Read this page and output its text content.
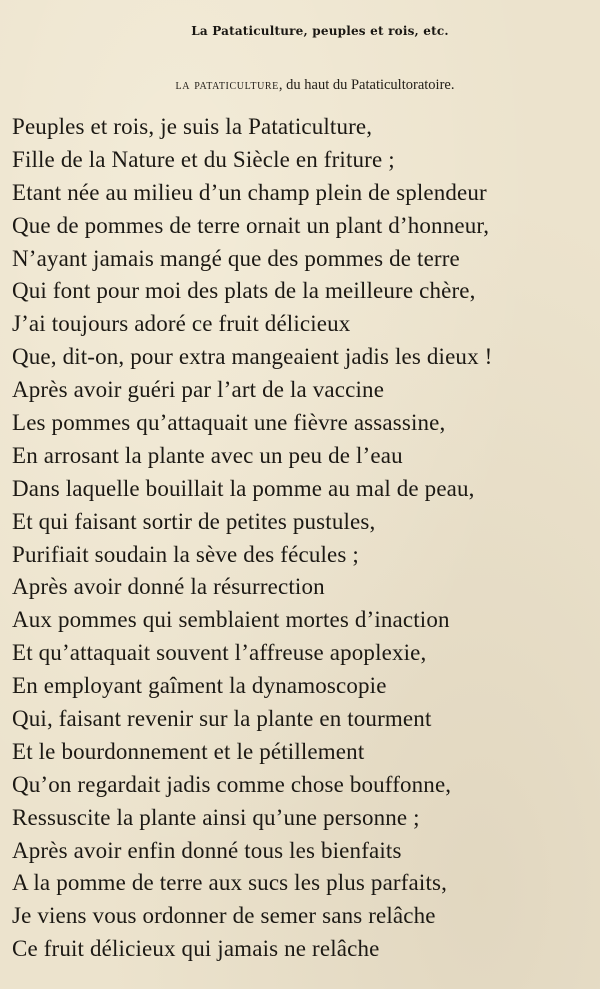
La Pataticulture, peuples et rois, etc.
la pataticulture, du haut du Pataticultoratoire.
Peuples et rois, je suis la Pataticulture,
Fille de la Nature et du Siècle en friture ;
Etant née au milieu d’un champ plein de splendeur
Que de pommes de terre ornait un plant d’honneur,
N’ayant jamais mangé que des pommes de terre
Qui font pour moi des plats de la meilleure chère,
J’ai toujours adoré ce fruit délicieux
Que, dit-on, pour extra mangeaient jadis les dieux !
Après avoir guéri par l’art de la vaccine
Les pommes qu’attaquait une fièvre assassine,
En arrosant la plante avec un peu de l’eau
Dans laquelle bouillait la pomme au mal de peau,
Et qui faisant sortir de petites pustules,
Purifiait soudain la sève des fécules ;
Après avoir donné la résurrection
Aux pommes qui semblaient mortes d’inaction
Et qu’attaquait souvent l’affreuse apoplexie,
En employant gaîment la dynamoscopie
Qui, faisant revenir sur la plante en tourment
Et le bourdonnement et le pétillement
Qu’on regardait jadis comme chose bouffonne,
Ressuscite la plante ainsi qu’une personne ;
Après avoir enfin donné tous les bienfaits
A la pomme de terre aux sucs les plus parfaits,
Je viens vous ordonner de semer sans relâche
Ce fruit délicieux qui jamais ne relâche
